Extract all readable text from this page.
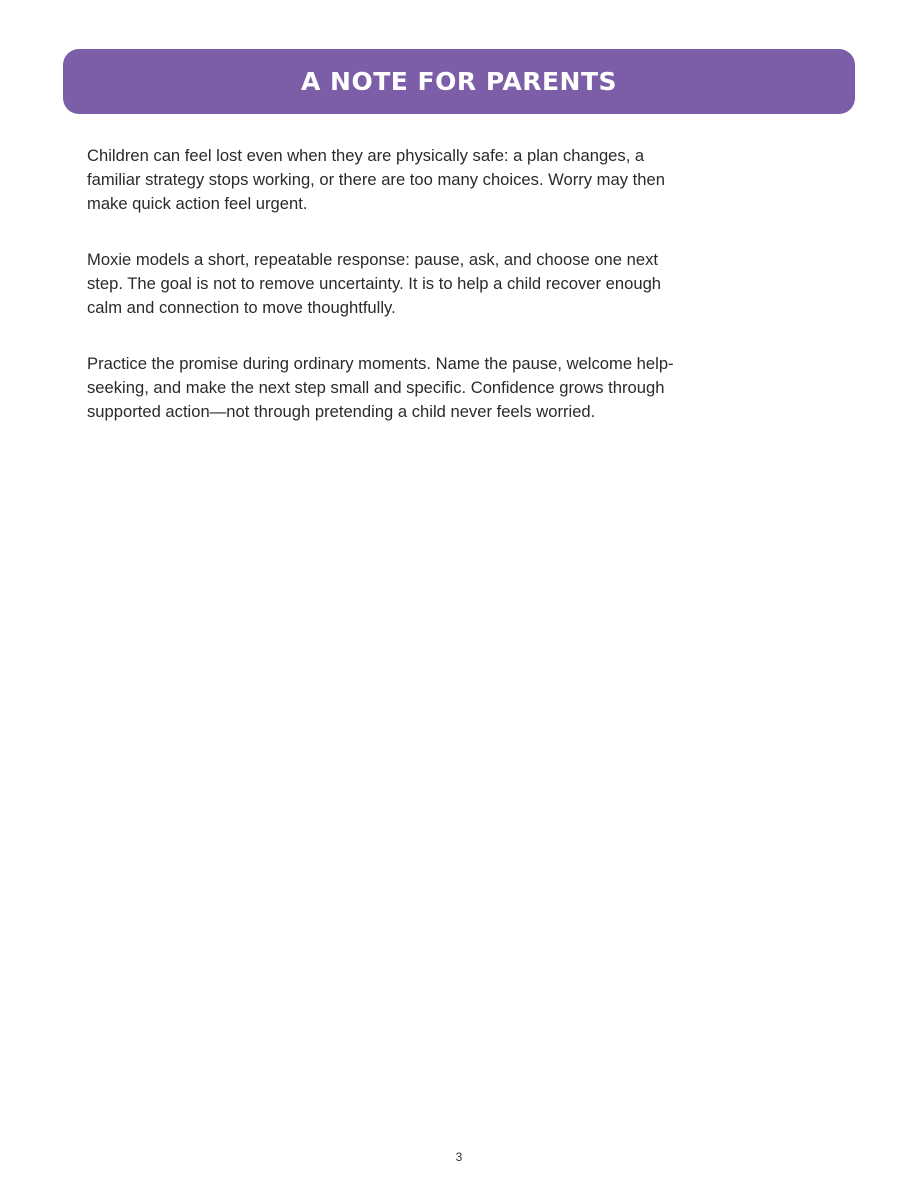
A NOTE FOR PARENTS

Children can feel lost even when they are physically safe: a plan changes, a familiar strategy stops working, or there are too many choices. Worry may then make quick action feel urgent.

Moxie models a short, repeatable response: pause, ask, and choose one next step. The goal is not to remove uncertainty. It is to help a child recover enough calm and connection to move thoughtfully.

Practice the promise during ordinary moments. Name the pause, welcome help-seeking, and make the next step small and specific. Confidence grows through supported action—not through pretending a child never feels worried.

3
